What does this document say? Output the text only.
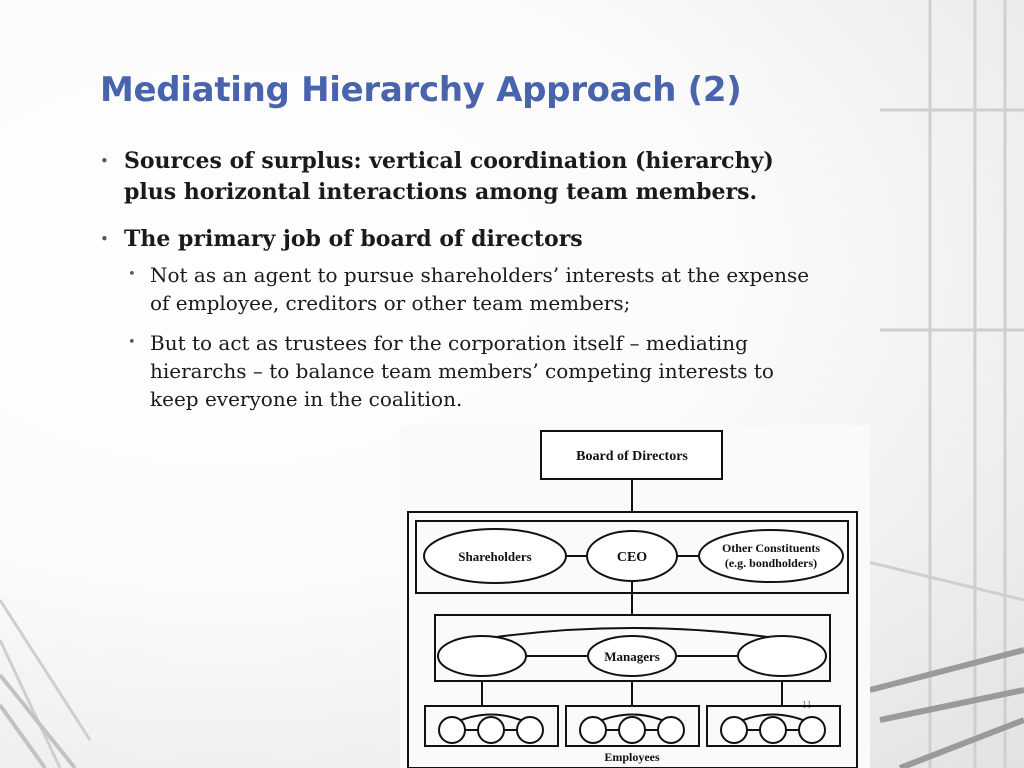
Mediating Hierarchy Approach (2)
• Sources of surplus: vertical coordination (hierarchy) plus horizontal interactions among team members.
• The primary job of board of directors
• Not as an agent to pursue shareholders’ interests at the expense of employee, creditors or other team members;
• But to act as trustees for the corporation itself – mediating hierarchs – to balance team members’ competing interests to keep everyone in the coalition.
Board of Directors
Shareholders	CEO
Other Constituents
(e.g. bondholders)
Managers
11
Employees
